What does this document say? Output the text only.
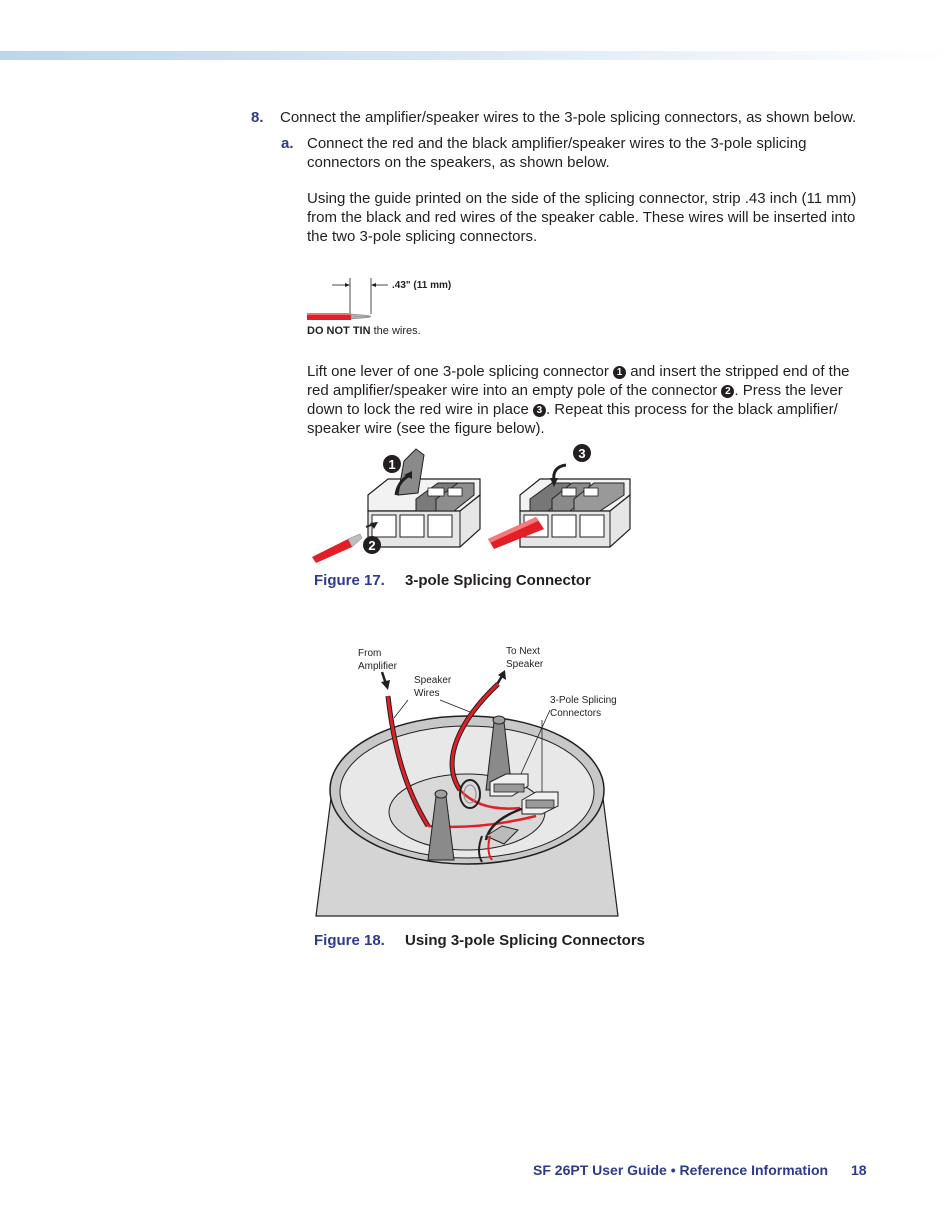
8. Connect the amplifier/speaker wires to the 3-pole splicing connectors, as shown below.
a. Connect the red and the black amplifier/speaker wires to the 3-pole splicing connectors on the speakers, as shown below.
Using the guide printed on the side of the splicing connector, strip .43 inch (11 mm) from the black and red wires of the speaker cable. These wires will be inserted into the two 3-pole splicing connectors.
.43" (11 mm)
DO NOT TIN the wires.
Lift one lever of one 3-pole splicing connector 1 and insert the stripped end of the red amplifier/speaker wire into an empty pole of the connector 2 . Press the lever down to lock the red wire in place 3 . Repeat this process for the black amplifier/ speaker wire (see the figure below).
1
2
3
Figure 17. 3-pole Splicing Connector
From
Amplifier
To Next
Speaker
Speaker
Wires
3-Pole Splicing
Connectors
Figure 18. Using 3-pole Splicing Connectors
SF 26PT User Guide • Reference Information 18
